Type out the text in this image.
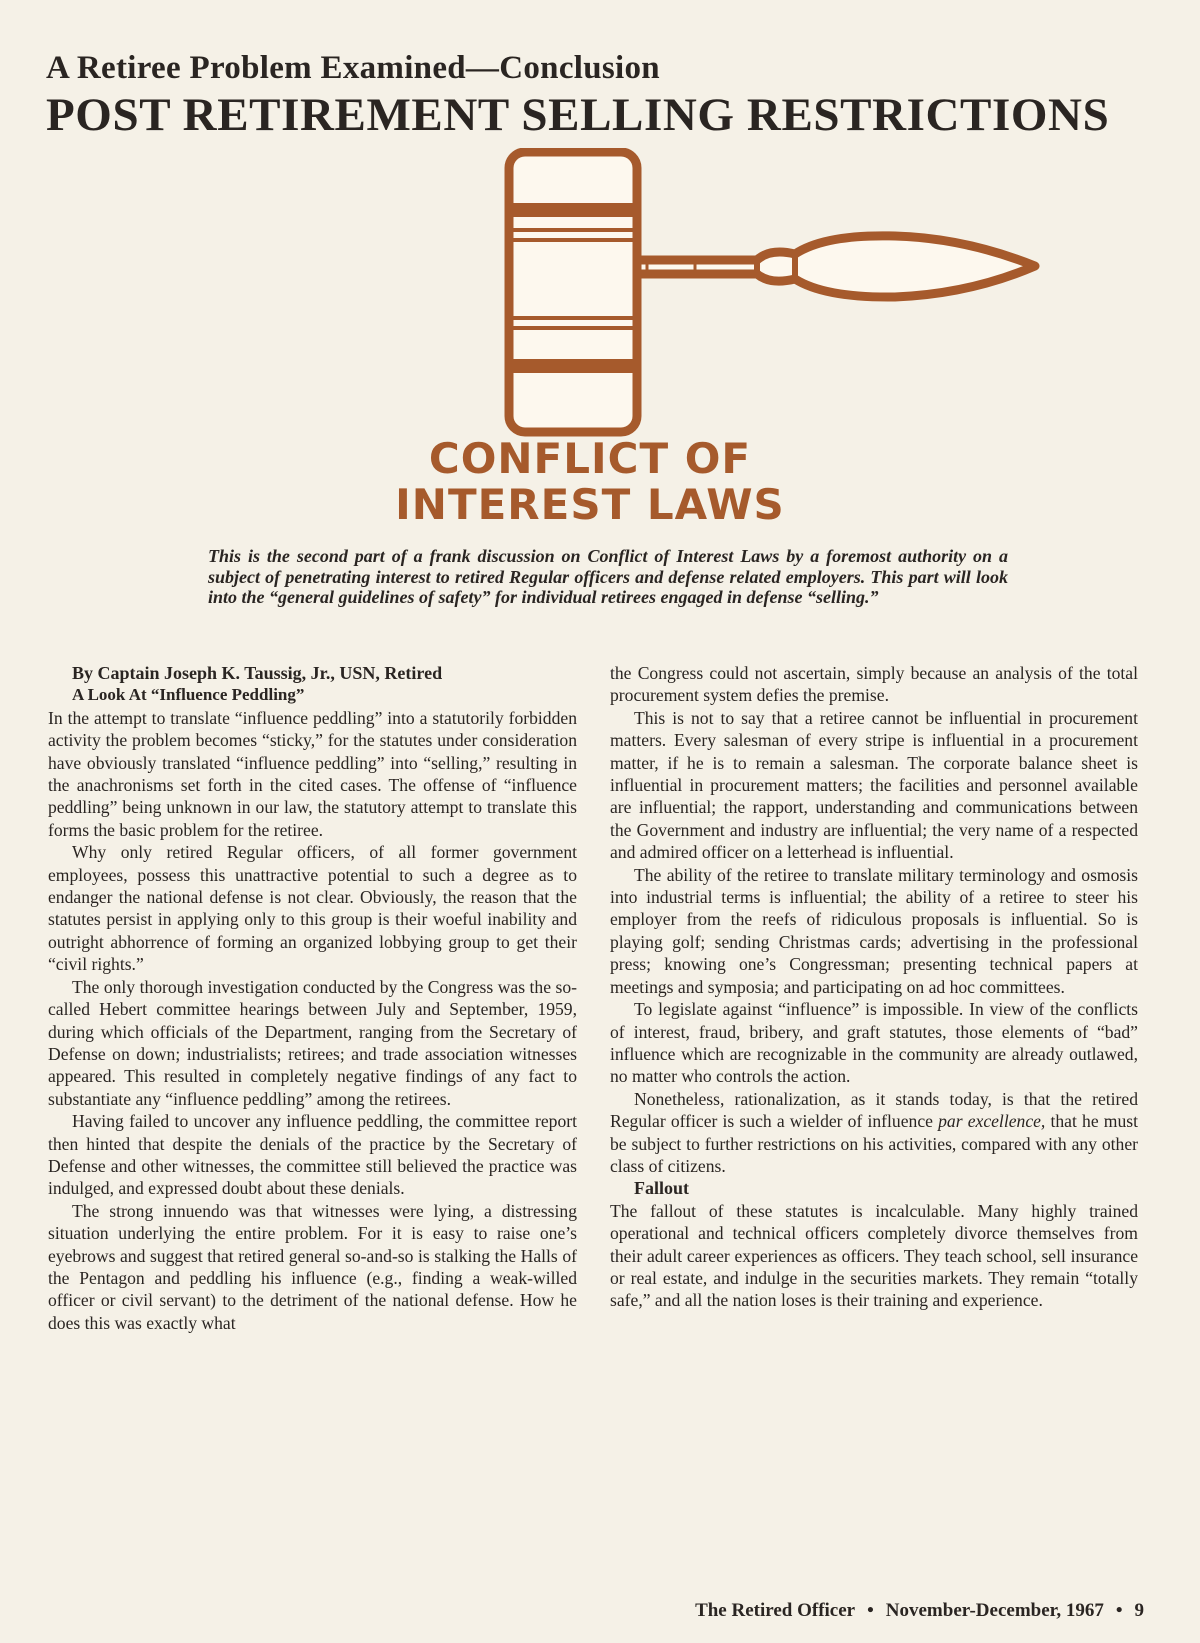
A Retiree Problem Examined—Conclusion
POST RETIREMENT SELLING RESTRICTIONS
CONFLICT OF
INTEREST LAWS

This is the second part of a frank discussion on Conflict of Interest Laws by a foremost authority on a subject of penetrating interest to retired Regular officers and defense related employers. This part will look into the “general guidelines of safety” for individual retirees engaged in defense “selling.”

By Captain Joseph K. Taussig, Jr., USN, Retired

A Look At “Influence Peddling”

In the attempt to translate “influence peddling” into a statutorily forbidden activity the problem becomes “sticky,” for the statutes under consideration have obviously translated “influence peddling” into “selling,” resulting in the anachronisms set forth in the cited cases. The offense of “influence peddling” being unknown in our law, the statutory attempt to translate this forms the basic problem for the retiree.

Why only retired Regular officers, of all former government employees, possess this unattractive potential to such a degree as to endanger the national defense is not clear. Obviously, the reason that the statutes persist in applying only to this group is their woeful inability and outright abhorrence of forming an organized lobbying group to get their “civil rights.”

The only thorough investigation conducted by the Congress was the so-called Hebert committee hearings between July and September, 1959, during which officials of the Department, ranging from the Secretary of Defense on down; industrialists; retirees; and trade association witnesses appeared. This resulted in completely negative findings of any fact to substantiate any “influence peddling” among the retirees.

Having failed to uncover any influence peddling, the committee report then hinted that despite the denials of the practice by the Secretary of Defense and other witnesses, the committee still believed the practice was indulged, and expressed doubt about these denials.

The strong innuendo was that witnesses were lying, a distressing situation underlying the entire problem. For it is easy to raise one’s eyebrows and suggest that retired general so-and-so is stalking the Halls of the Pentagon and peddling his influence (e.g., finding a weak-willed officer or civil servant) to the detriment of the national defense. How he does this was exactly what

the Congress could not ascertain, simply because an analysis of the total procurement system defies the premise.

This is not to say that a retiree cannot be influential in procurement matters. Every salesman of every stripe is influential in a procurement matter, if he is to remain a salesman. The corporate balance sheet is influential in procurement matters; the facilities and personnel available are influential; the rapport, understanding and communications between the Government and industry are influential; the very name of a respected and admired officer on a letterhead is influential.

The ability of the retiree to translate military terminology and osmosis into industrial terms is influential; the ability of a retiree to steer his employer from the reefs of ridiculous proposals is influential. So is playing golf; sending Christmas cards; advertising in the professional press; knowing one’s Congressman; presenting technical papers at meetings and symposia; and participating on ad hoc committees.

To legislate against “influence” is impossible. In view of the conflicts of interest, fraud, bribery, and graft statutes, those elements of “bad” influence which are recognizable in the community are already outlawed, no matter who controls the action.

Nonetheless, rationalization, as it stands today, is that the retired Regular officer is such a wielder of influence par excellence, that he must be subject to further restrictions on his activities, compared with any other class of citizens.

Fallout

The fallout of these statutes is incalculable. Many highly trained operational and technical officers completely divorce themselves from their adult career experiences as officers. They teach school, sell insurance or real estate, and indulge in the securities markets. They remain “totally safe,” and all the nation loses is their training and experience.

The Retired Officer • November-December, 1967 • 9
